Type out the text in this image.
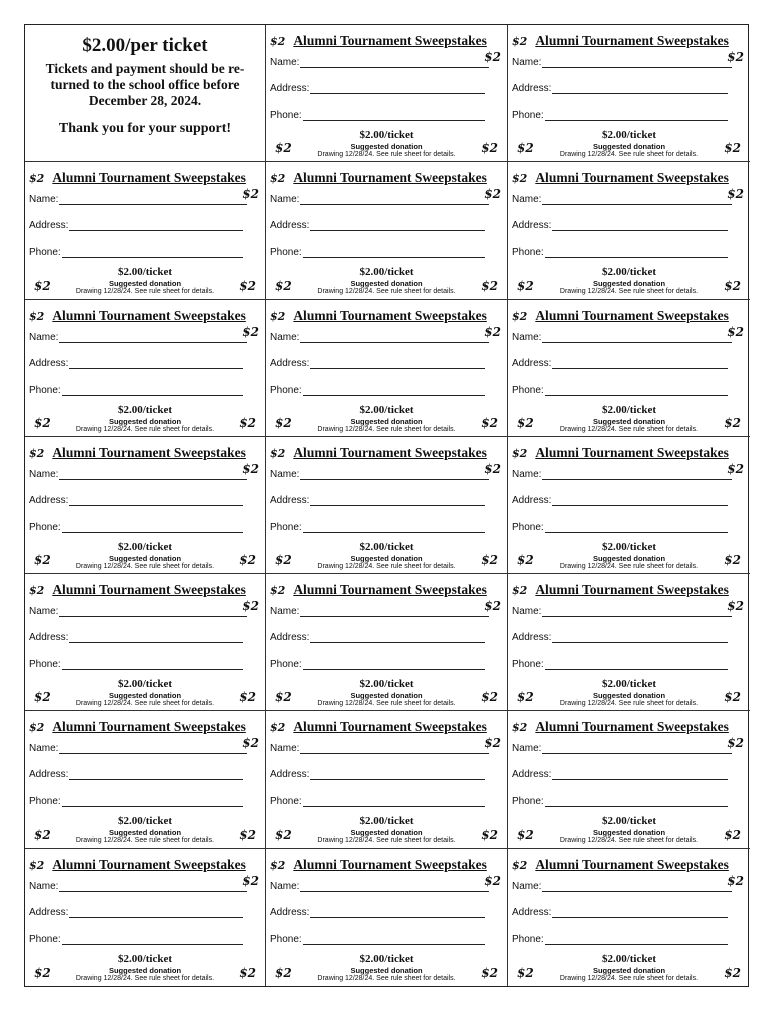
$2.00/per ticket
Tickets and payment should be re-turned to the school office before December 28, 2024.
Thank you for your support!
$2 Alumni Tournament Sweepstakes
Name:	$2
Address:
Phone:
$2.00/ticket
Suggested donation
Drawing 12/28/24. See rule sheet for details.
$2	$2
$2 Alumni Tournament Sweepstakes
Name:	$2
Address:
Phone:
$2.00/ticket
Suggested donation
Drawing 12/28/24. See rule sheet for details.
$2	$2
$2 Alumni Tournament Sweepstakes
Name:	$2
Address:
Phone:
$2.00/ticket
Suggested donation
Drawing 12/28/24. See rule sheet for details.
$2	$2
$2 Alumni Tournament Sweepstakes
Name:	$2
Address:
Phone:
$2.00/ticket
Suggested donation
Drawing 12/28/24. See rule sheet for details.
$2	$2
$2 Alumni Tournament Sweepstakes
Name:	$2
Address:
Phone:
$2.00/ticket
Suggested donation
Drawing 12/28/24. See rule sheet for details.
$2	$2
$2 Alumni Tournament Sweepstakes
Name:	$2
Address:
Phone:
$2.00/ticket
Suggested donation
Drawing 12/28/24. See rule sheet for details.
$2	$2
$2 Alumni Tournament Sweepstakes
Name:	$2
Address:
Phone:
$2.00/ticket
Suggested donation
Drawing 12/28/24. See rule sheet for details.
$2	$2
$2 Alumni Tournament Sweepstakes
Name:	$2
Address:
Phone:
$2.00/ticket
Suggested donation
Drawing 12/28/24. See rule sheet for details.
$2	$2
$2 Alumni Tournament Sweepstakes
Name:	$2
Address:
Phone:
$2.00/ticket
Suggested donation
Drawing 12/28/24. See rule sheet for details.
$2	$2
$2 Alumni Tournament Sweepstakes
Name:	$2
Address:
Phone:
$2.00/ticket
Suggested donation
Drawing 12/28/24. See rule sheet for details.
$2	$2
$2 Alumni Tournament Sweepstakes
Name:	$2
Address:
Phone:
$2.00/ticket
Suggested donation
Drawing 12/28/24. See rule sheet for details.
$2	$2
$2 Alumni Tournament Sweepstakes
Name:	$2
Address:
Phone:
$2.00/ticket
Suggested donation
Drawing 12/28/24. See rule sheet for details.
$2	$2
$2 Alumni Tournament Sweepstakes
Name:	$2
Address:
Phone:
$2.00/ticket
Suggested donation
Drawing 12/28/24. See rule sheet for details.
$2	$2
$2 Alumni Tournament Sweepstakes
Name:	$2
Address:
Phone:
$2.00/ticket
Suggested donation
Drawing 12/28/24. See rule sheet for details.
$2	$2
$2 Alumni Tournament Sweepstakes
Name:	$2
Address:
Phone:
$2.00/ticket
Suggested donation
Drawing 12/28/24. See rule sheet for details.
$2	$2
$2 Alumni Tournament Sweepstakes
Name:	$2
Address:
Phone:
$2.00/ticket
Suggested donation
Drawing 12/28/24. See rule sheet for details.
$2	$2
$2 Alumni Tournament Sweepstakes
Name:	$2
Address:
Phone:
$2.00/ticket
Suggested donation
Drawing 12/28/24. See rule sheet for details.
$2	$2
$2 Alumni Tournament Sweepstakes
Name:	$2
Address:
Phone:
$2.00/ticket
Suggested donation
Drawing 12/28/24. See rule sheet for details.
$2	$2
$2 Alumni Tournament Sweepstakes
Name:	$2
Address:
Phone:
$2.00/ticket
Suggested donation
Drawing 12/28/24. See rule sheet for details.
$2	$2
$2 Alumni Tournament Sweepstakes
Name:	$2
Address:
Phone:
$2.00/ticket
Suggested donation
Drawing 12/28/24. See rule sheet for details.
$2	$2
